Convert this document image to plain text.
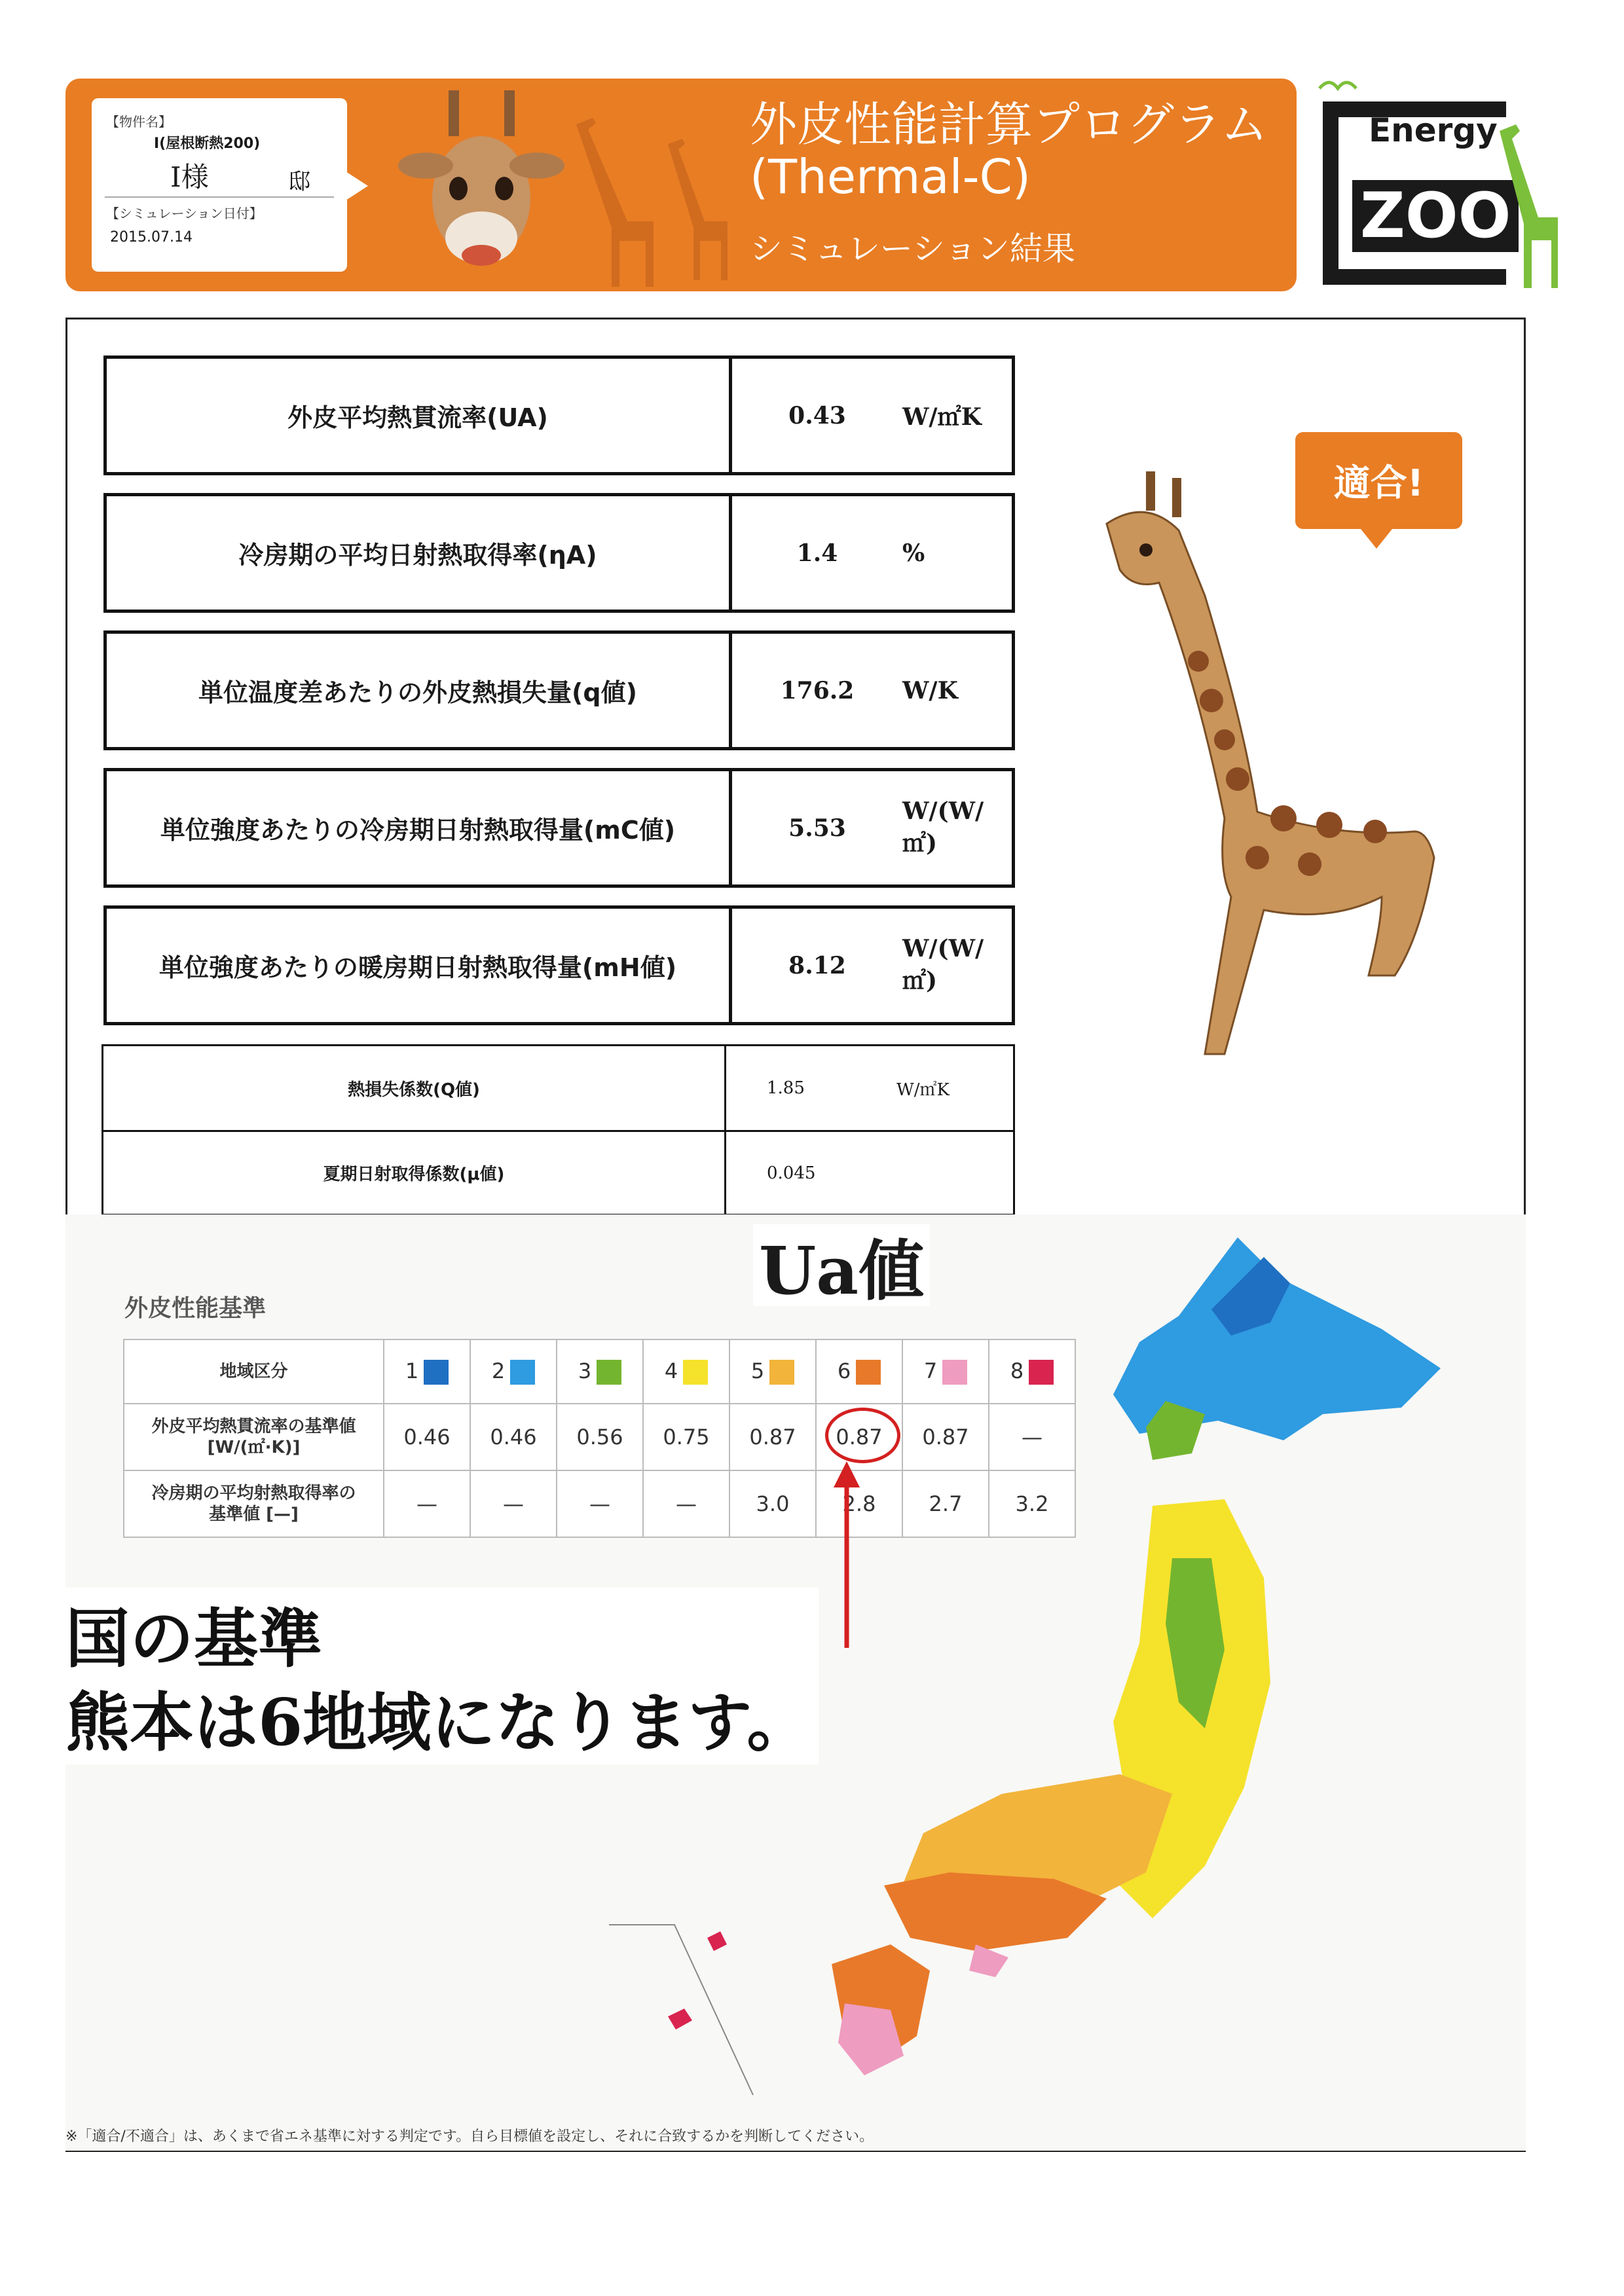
【物件名】
I(屋根断熱200)
I様	邸
【シミュレーション日付】
2015.07.14
外皮性能計算プログラム
(Thermal-C)
シミュレーション結果
Energy
ZOO
外皮平均熱貫流率(UA)	0.43	W/㎡K
冷房期の平均日射熱取得率(ηA)	1.4	%
単位温度差あたりの外皮熱損失量(q値)	176.2	W/K
単位強度あたりの冷房期日射熱取得量(mC値)	5.53
W/(W/㎡)
単位強度あたりの暖房期日射熱取得量(mH値)	8.12
W/(W/㎡)
熱損失係数(Q値)	1.85	W/㎡K
夏期日射取得係数(μ値)	0.045
適合!
Ua値
外皮性能基準
地域区分	1	2	3	4	5	6	7	8

外皮平均熱貫流率の基準値
[W/(㎡·K)]	0.46	0.46	0.56	0.75	0.87	0.87	0.87	—

冷房期の平均射熱取得率の
基準値 [—]	—	—	—	—	3.0	2.8	2.7	3.2
国の基準
熊本は6地域になります。
※「適合/不適合」は、あくまで省エネ基準に対する判定です。自ら目標値を設定し、それに合致するかを判断してください。
